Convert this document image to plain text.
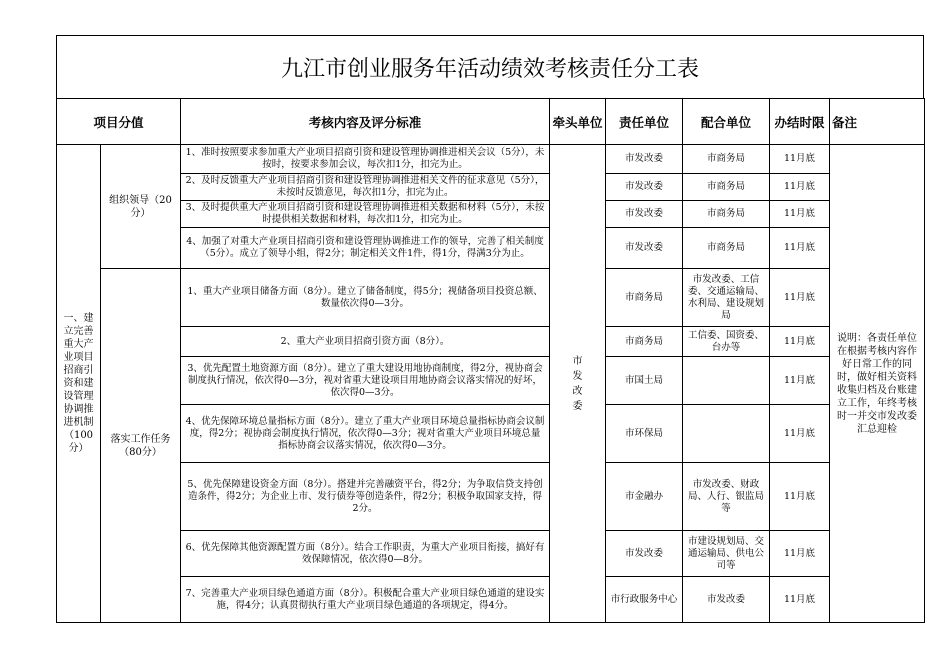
九江市创业服务年活动绩效考核责任分工表
项目分值		考核内容及评分标准	牵头单位	责任单位	配合单位	办结时限	备注
一、建立完善重大产业项目招商引资和建设管理协调推进机制（100分）	组织领导（20分）	1、准时按照要求参加重大产业项目招商引资和建设管理协调推进相关会议（5分），未按时，按要求参加会议，每次扣1分，扣完为止。	市发改委	市发改委	市商务局	11月底	说明：各责任单位在根据考核内容作好日常工作的同时，做好相关资料收集归档及台账建立工作，年终考核时一并交市发改委汇总迎检
		2、及时反馈重大产业项目招商引资和建设管理协调推进相关文件的征求意见（5分），未按时反馈意见，每次扣1分，扣完为止。		市发改委	市商务局	11月底	
		3、及时提供重大产业项目招商引资和建设管理协调推进相关数据和材料（5分），未按时提供相关数据和材料，每次扣1分，扣完为止。		市发改委	市商务局	11月底	
		4、加强了对重大产业项目招商引资和建设管理协调推进工作的领导，完善了相关制度（5分）。成立了领导小组，得2分；制定相关文件1件，得1分，得满3分为止。		市发改委	市商务局	11月底	
	落实工作任务（80分）	1、重大产业项目储备方面（8分）。建立了储备制度，得5分；视储备项目投资总额、数量依次得0—3分。		市商务局	市发改委、工信委、交通运输局、水利局、建设规划局	11月底	
		2、重大产业项目招商引资方面（8分）。		市商务局	工信委、国资委、台办等	11月底	
		3、优先配置土地资源方面（8分）。建立了重大建设用地协商制度，得2分，视协商会制度执行情况，依次得0—3分，视对省重大建设项目用地协商会议落实情况的好坏，依次得0—3分。		市国土局		11月底	
		4、优先保障环境总量指标方面（8分）。建立了重大产业项目环境总量指标协商会议制度，得2分；视协商会制度执行情况，依次得0—3分；视对省重大产业项目环境总量指标协商会议落实情况，依次得0—3分。		市环保局		11月底	
		5、优先保障建设资金方面（8分）。搭建并完善融资平台，得2分；为争取信贷支持创造条件，得2分；为企业上市、发行债券等创造条件，得2分；积极争取国家支持，得2分。		市金融办	市发改委、财政局、人行、银监局等	11月底	
		6、优先保障其他资源配置方面（8分）。结合工作职责，为重大产业项目衔接，搞好有效保障情况，依次得0—8分。		市发改委	市建设规划局、交通运输局、供电公司等	11月底	
		7、完善重大产业项目绿色通道方面（8分）。积极配合重大产业项目绿色通道的建设实施，得4分；认真贯彻执行重大产业项目绿色通道的各项规定，得4分。		市行政服务中心	市发改委	11月底	
